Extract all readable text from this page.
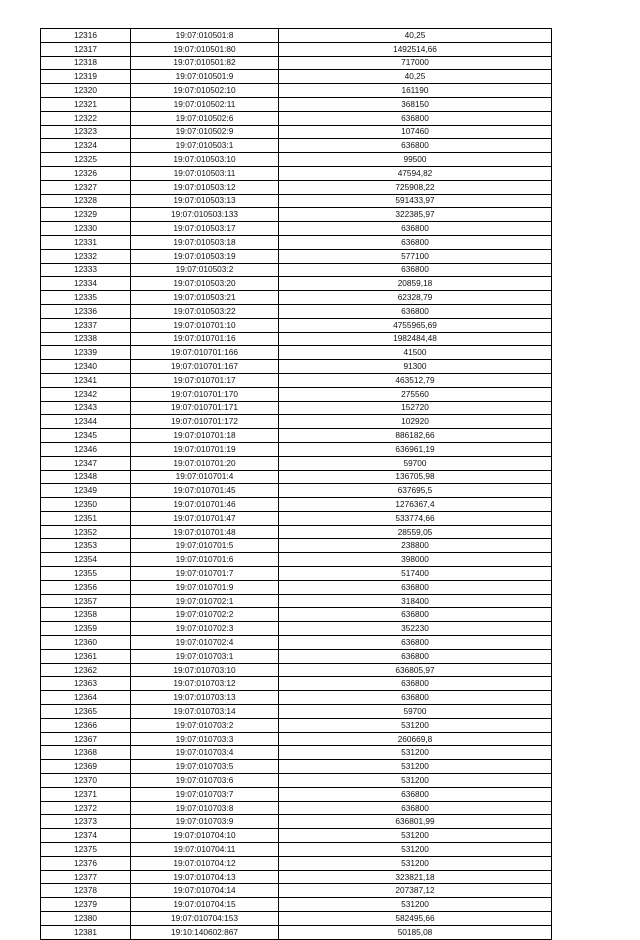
12316	19:07:010501:8	40,25
12317	19:07:010501:80	1492514,66
12318	19:07:010501:82	717000
12319	19:07:010501:9	40,25
12320	19:07:010502:10	161190
12321	19:07:010502:11	368150
12322	19:07:010502:6	636800
12323	19:07:010502:9	107460
12324	19:07:010503:1	636800
12325	19:07:010503:10	99500
12326	19:07:010503:11	47594,82
12327	19:07:010503:12	725908,22
12328	19:07:010503:13	591433,97
12329	19:07:010503:133	322385,97
12330	19:07:010503:17	636800
12331	19:07:010503:18	636800
12332	19:07:010503:19	577100
12333	19:07:010503:2	636800
12334	19:07:010503:20	20859,18
12335	19:07:010503:21	62328,79
12336	19:07:010503:22	636800
12337	19:07:010701:10	4755965,69
12338	19:07:010701:16	1982484,48
12339	19:07:010701:166	41500
12340	19:07:010701:167	91300
12341	19:07:010701:17	463512,79
12342	19:07:010701:170	275560
12343	19:07:010701:171	152720
12344	19:07:010701:172	102920
12345	19:07:010701:18	886182,66
12346	19:07:010701:19	636961,19
12347	19:07:010701:20	59700
12348	19:07:010701:4	136705,98
12349	19:07:010701:45	637695,5
12350	19:07:010701:46	1276367,4
12351	19:07:010701:47	533774,66
12352	19:07:010701:48	28559,05
12353	19:07:010701:5	238800
12354	19:07:010701:6	398000
12355	19:07:010701:7	517400
12356	19:07:010701:9	636800
12357	19:07:010702:1	318400
12358	19:07:010702:2	636800
12359	19:07:010702:3	352230
12360	19:07:010702:4	636800
12361	19:07:010703:1	636800
12362	19:07:010703:10	636805,97
12363	19:07:010703:12	636800
12364	19:07:010703:13	636800
12365	19:07:010703:14	59700
12366	19:07:010703:2	531200
12367	19:07:010703:3	260669,8
12368	19:07:010703:4	531200
12369	19:07:010703:5	531200
12370	19:07:010703:6	531200
12371	19:07:010703:7	636800
12372	19:07:010703:8	636800
12373	19:07:010703:9	636801,99
12374	19:07:010704:10	531200
12375	19:07:010704:11	531200
12376	19:07:010704:12	531200
12377	19:07:010704:13	323821,18
12378	19:07:010704:14	207387,12
12379	19:07:010704:15	531200
12380	19:07:010704:153	582495,66
12381	19:10:140602:867	50185,08
